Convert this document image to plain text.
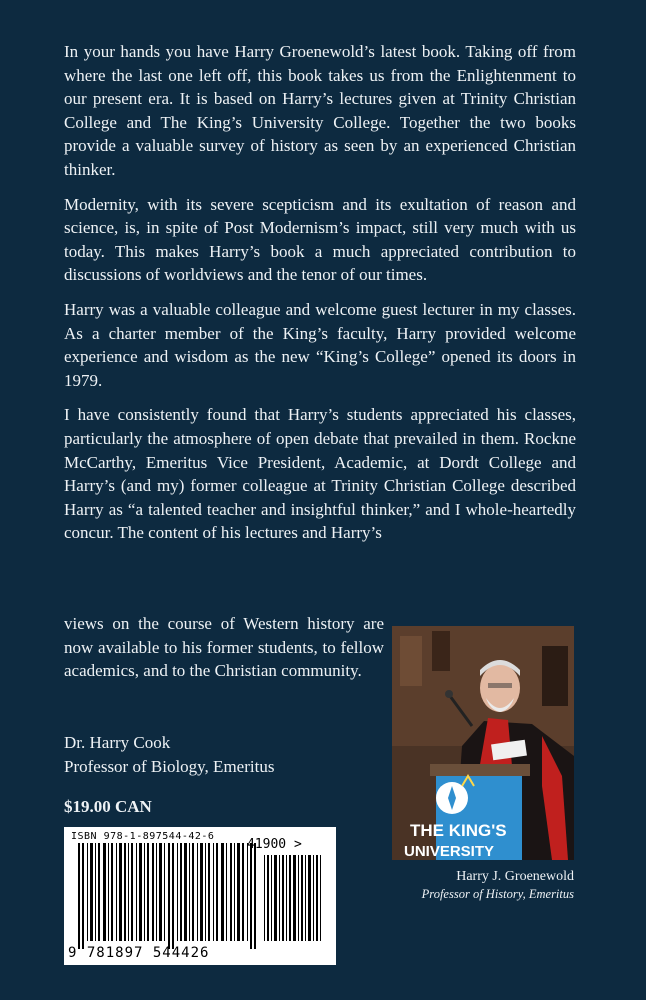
In your hands you have Harry Groenewold’s latest book. Taking off from where the last one left off, this book takes us from the Enlightenment to our present era. It is based on Harry’s lectures given at Trinity Christian College and The King’s University College. Together the two books provide a valuable survey of history as seen by an experienced Christian thinker.

Modernity, with its severe scepticism and its exultation of reason and science, is, in spite of Post Modernism’s impact, still very much with us today. This makes Harry’s book a much appreciated contribution to discussions of worldviews and the tenor of our times.

Harry was a valuable colleague and welcome guest lecturer in my classes. As a charter member of the King’s faculty, Harry provided welcome experience and wisdom as the new “King’s College” opened its doors in 1979.

I have consistently found that Harry’s students appreciated his classes, particularly the atmosphere of open debate that prevailed in them. Rockne McCarthy, Emeritus Vice President, Academic, at Dordt College and Harry’s (and my) former colleague at Trinity Christian College described Harry as “a talented teacher and insightful thinker,” and I whole-heartedly concur. The content of his lectures and Harry’s

views on the course of Western history are now available to his former students, to fellow academics, and to the Christian community.

Dr. Harry Cook
Professor of Biology, Emeritus
$19.00 CAN
ISBN 978-1-897544-42-6
41900 >
9 781897 544426
THE KING'S
UNIVERSITY
Harry J. Groenewold
Professor of History, Emeritus
